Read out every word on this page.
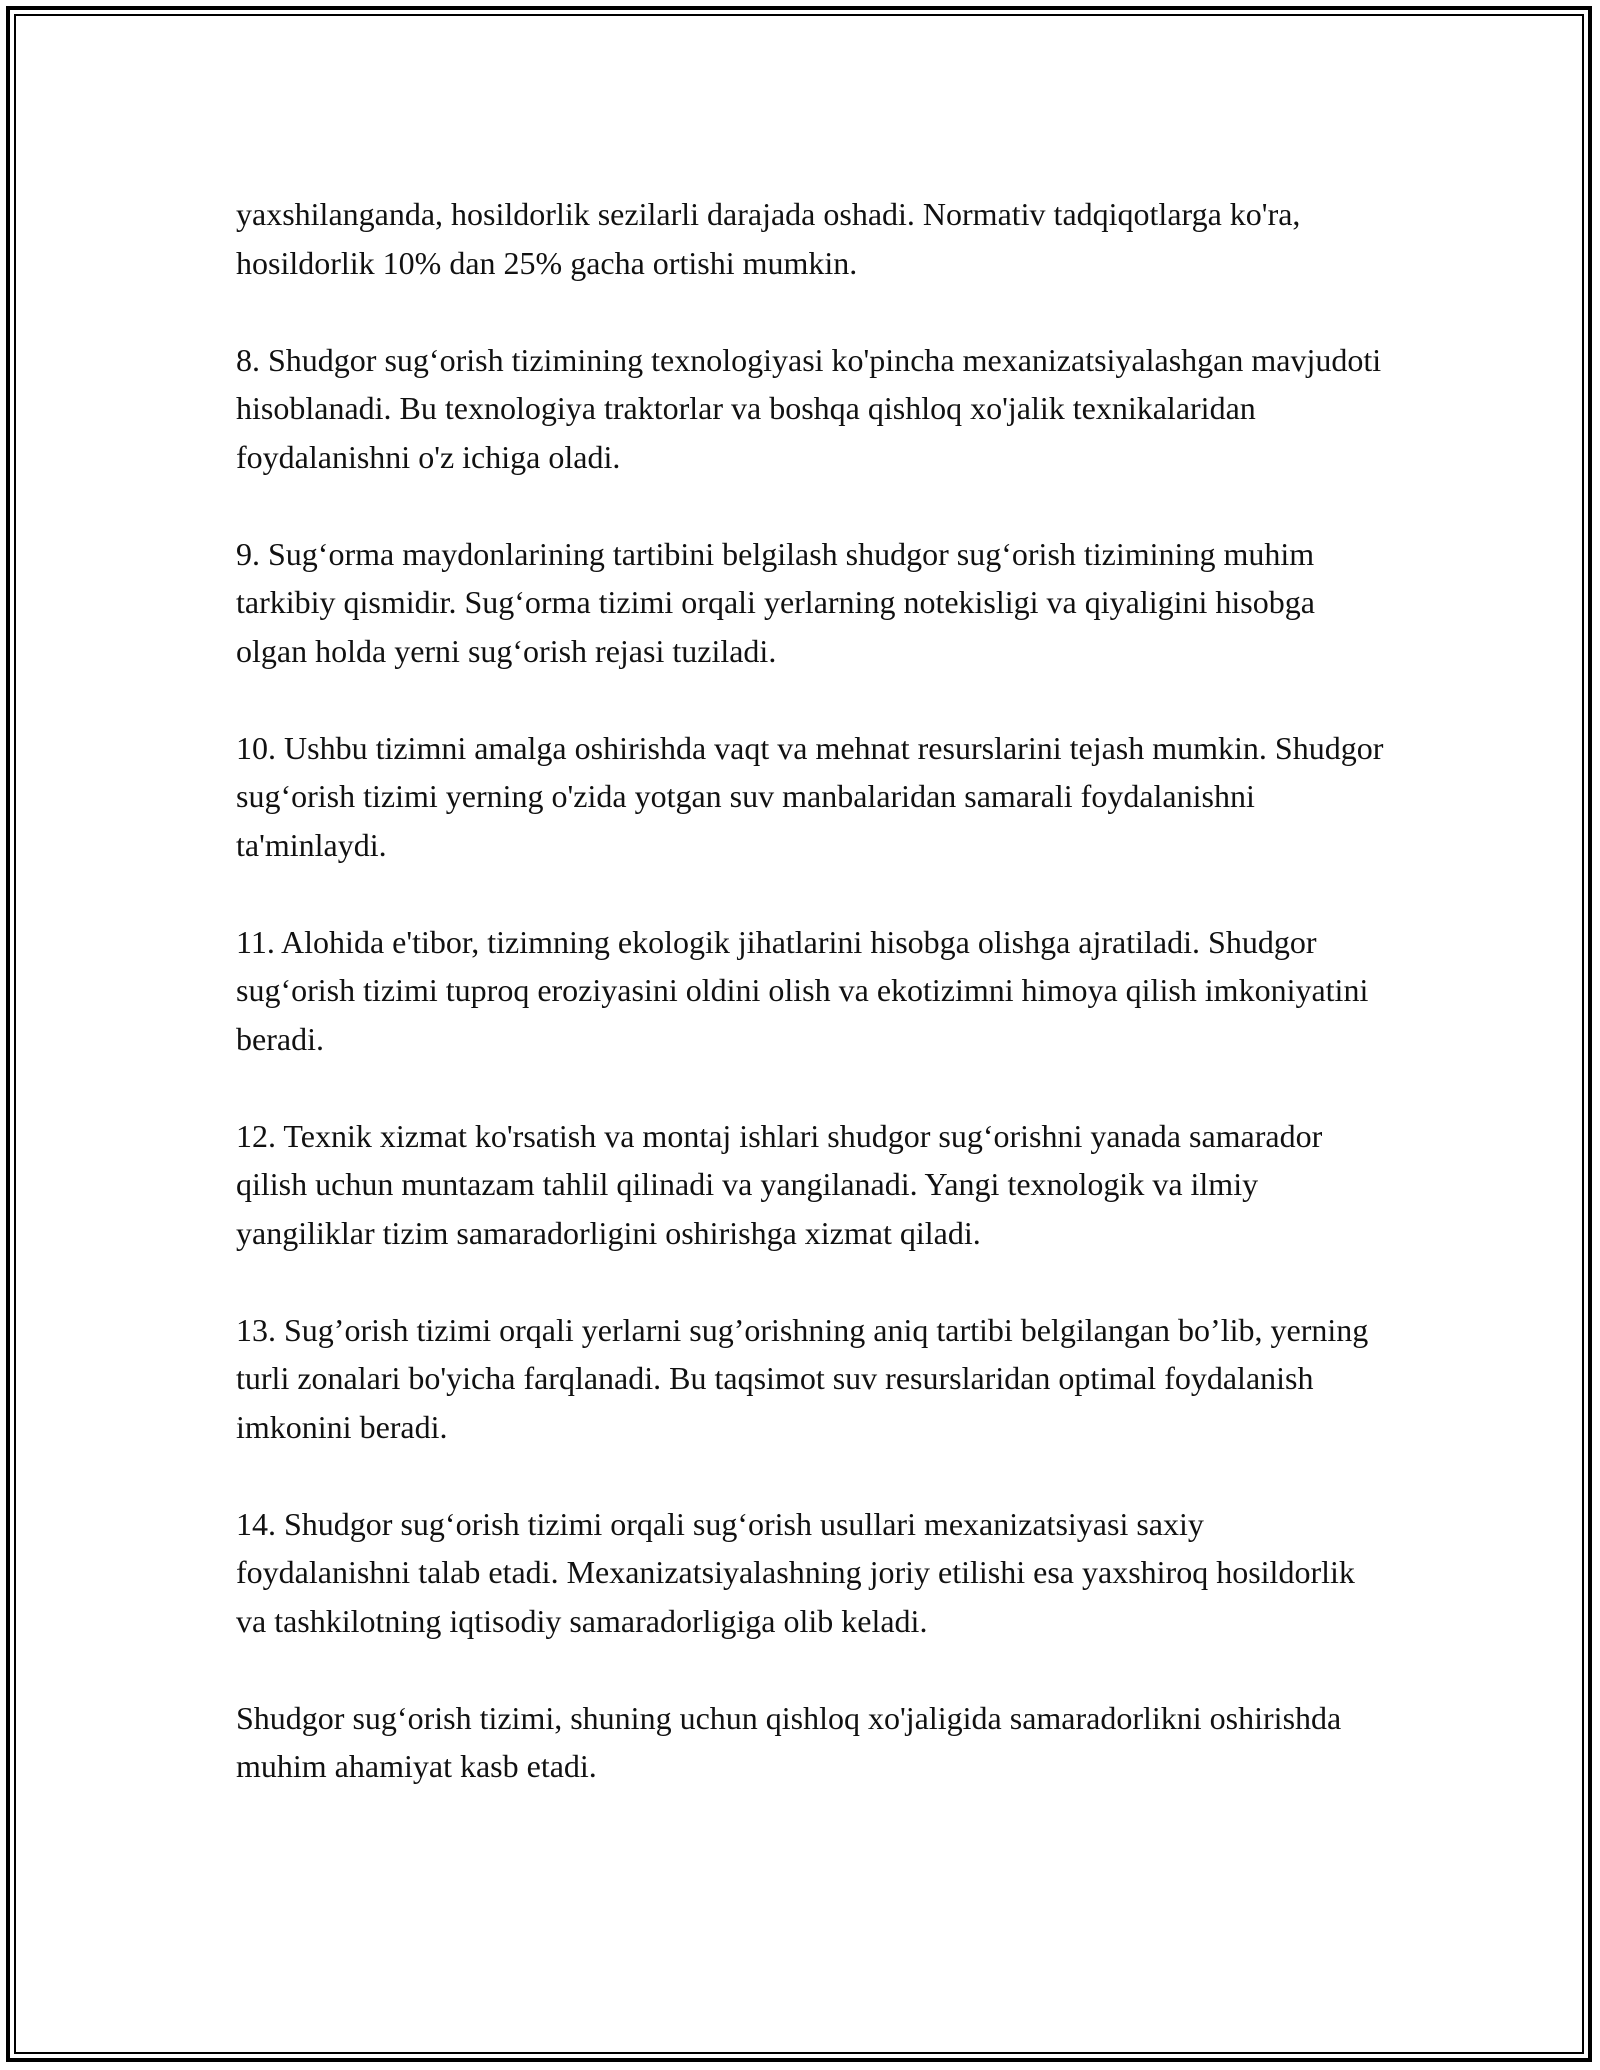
yaxshilanganda, hosildorlik sezilarli darajada oshadi. Normativ tadqiqotlarga ko'ra, hosildorlik 10% dan 25% gacha ortishi mumkin.

8. Shudgor sug‘orish tizimining texnologiyasi ko'pincha mexanizatsiyalashgan mavjudoti hisoblanadi. Bu texnologiya traktorlar va boshqa qishloq xo'jalik texnikalaridan foydalanishni o'z ichiga oladi.

9. Sug‘orma maydonlarining tartibini belgilash shudgor sug‘orish tizimining muhim tarkibiy qismidir. Sug‘orma tizimi orqali yerlarning notekisligi va qiyaligini hisobga olgan holda yerni sug‘orish rejasi tuziladi.

10. Ushbu tizimni amalga oshirishda vaqt va mehnat resurslarini tejash mumkin. Shudgor sug‘orish tizimi yerning o'zida yotgan suv manbalaridan samarali foydalanishni ta'minlaydi.

11. Alohida e'tibor, tizimning ekologik jihatlarini hisobga olishga ajratiladi. Shudgor sug‘orish tizimi tuproq eroziyasini oldini olish va ekotizimni himoya qilish imkoniyatini beradi.

12. Texnik xizmat ko'rsatish va montaj ishlari shudgor sug‘orishni yanada samarador qilish uchun muntazam tahlil qilinadi va yangilanadi. Yangi texnologik va ilmiy yangiliklar tizim samaradorligini oshirishga xizmat qiladi.

13. Sug’orish tizimi orqali yerlarni sug’orishning aniq tartibi belgilangan bo’lib, yerning turli zonalari bo'yicha farqlanadi. Bu taqsimot suv resurslaridan optimal foydalanish imkonini beradi.

14. Shudgor sug‘orish tizimi orqali sug‘orish usullari mexanizatsiyasi saxiy foydalanishni talab etadi. Mexanizatsiyalashning joriy etilishi esa yaxshiroq hosildorlik va tashkilotning iqtisodiy samaradorligiga olib keladi.

Shudgor sug‘orish tizimi, shuning uchun qishloq xo'jaligida samaradorlikni oshirishda muhim ahamiyat kasb etadi.
